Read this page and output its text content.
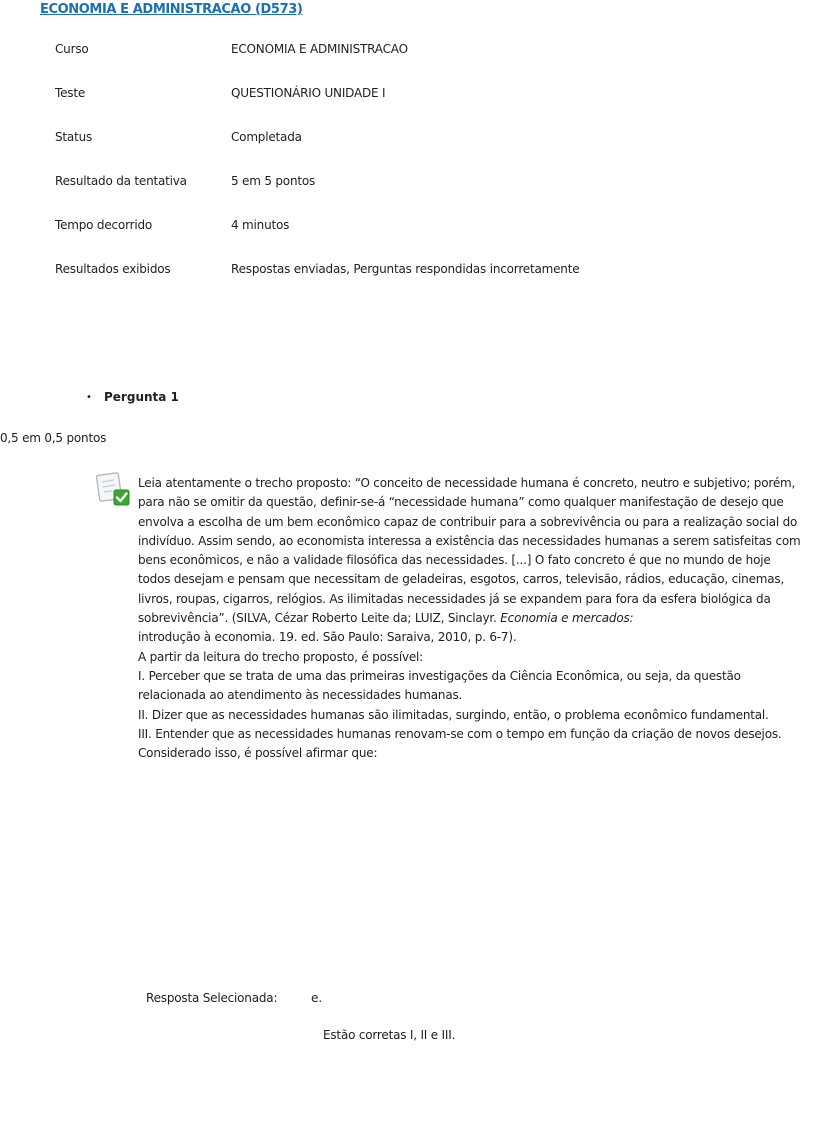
ECONOMIA E ADMINISTRACAO (D573)
Curso	ECONOMIA E ADMINISTRACAO
Teste	QUESTIONÁRIO UNIDADE I
Status	Completada
Resultado da tentativa	5 em 5 pontos
Tempo decorrido	4 minutos
Resultados exibidos	Respostas enviadas, Perguntas respondidas incorretamente
• Pergunta 1
0,5 em 0,5 pontos

Leia atentamente o trecho proposto: “O conceito de necessidade humana é concreto, neutro e subjetivo; porém, para não se omitir da questão, definir-se-á “necessidade humana” como qualquer manifestação de desejo que envolva a escolha de um bem econômico capaz de contribuir para a sobrevivência ou para a realização social do indivíduo. Assim sendo, ao economista interessa a existência das necessidades humanas a serem satisfeitas com bens econômicos, e não a validade filosófica das necessidades. [...] O fato concreto é que no mundo de hoje todos desejam e pensam que necessitam de geladeiras, esgotos, carros, televisão, rádios, educação, cinemas, livros, roupas, cigarros, relógios. As ilimitadas necessidades já se expandem para fora da esfera biológica da sobrevivência”. (SILVA, Cézar Roberto Leite da; LUIZ, Sinclayr. Economia e mercados:

introdução à economia. 19. ed. São Paulo: Saraiva, 2010, p. 6-7).

A partir da leitura do trecho proposto, é possível:

I. Perceber que se trata de uma das primeiras investigações da Ciência Econômica, ou seja, da questão relacionada ao atendimento às necessidades humanas.

II. Dizer que as necessidades humanas são ilimitadas, surgindo, então, o problema econômico fundamental.

III. Entender que as necessidades humanas renovam-se com o tempo em função da criação de novos desejos.

Considerado isso, é possível afirmar que:

Resposta Selecionada:	e.
Estão corretas I, II e III.
